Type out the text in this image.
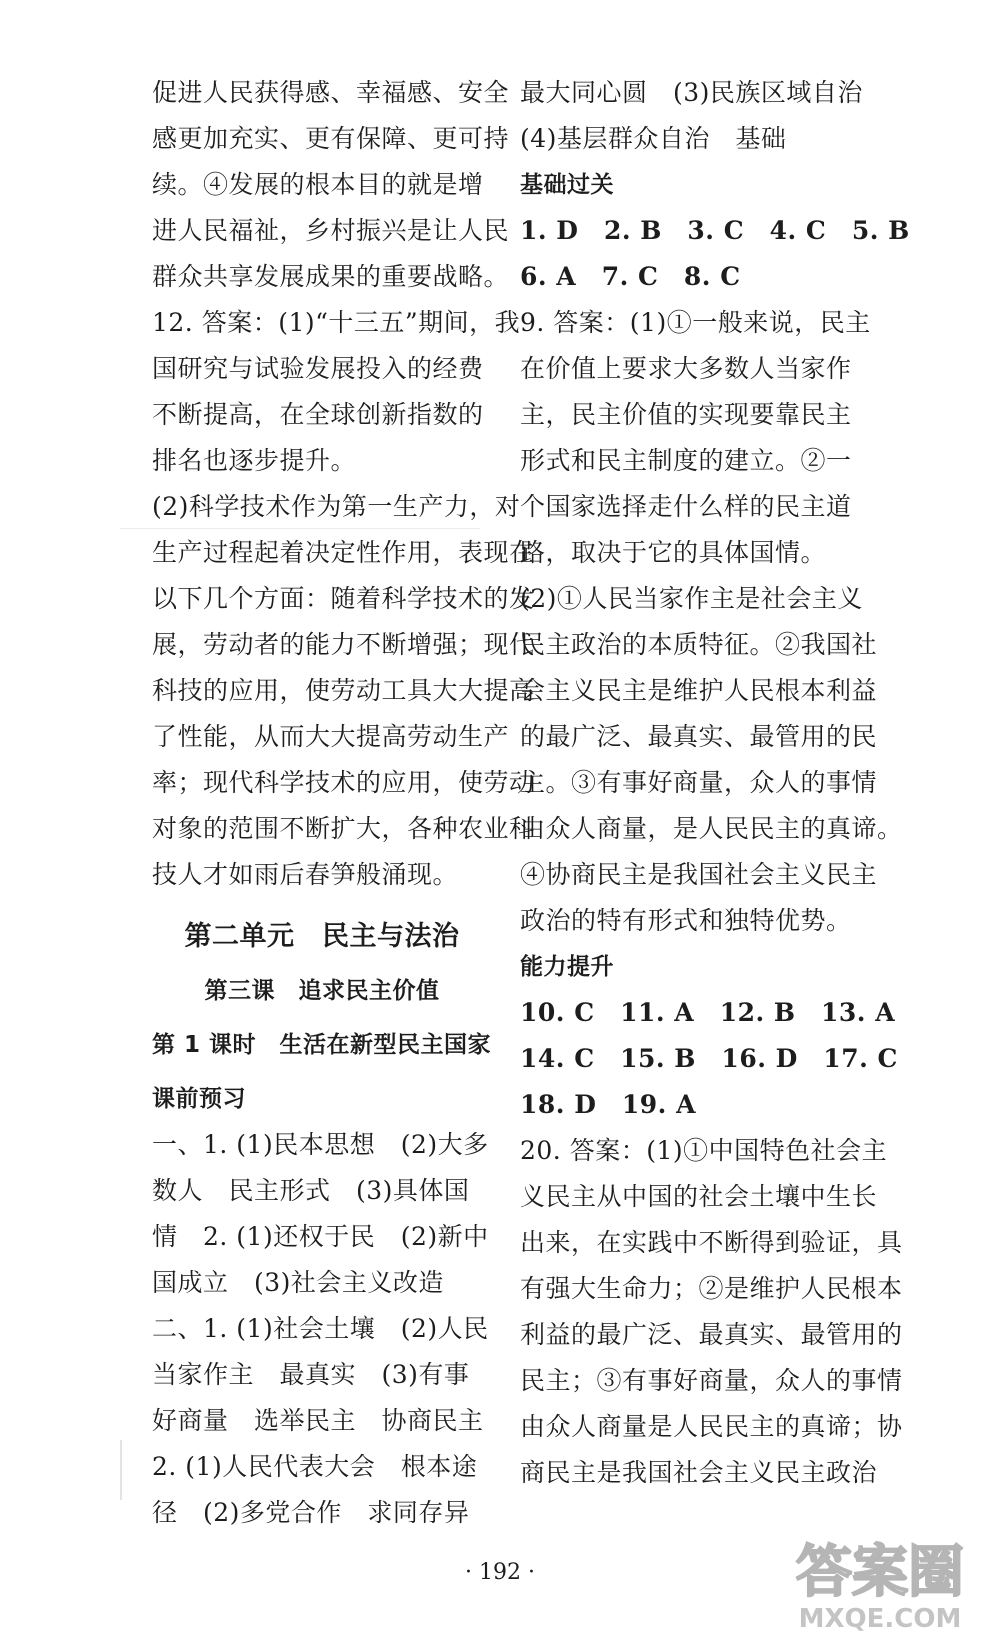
促进人民获得感、幸福感、安全
感更加充实、更有保障、更可持
续。④发展的根本目的就是增
进人民福祉，乡村振兴是让人民
群众共享发展成果的重要战略。
12. 答案：(1)“十三五”期间，我
国研究与试验发展投入的经费
不断提高，在全球创新指数的
排名也逐步提升。
(2)科学技术作为第一生产力，对
生产过程起着决定性作用，表现在
以下几个方面：随着科学技术的发
展，劳动者的能力不断增强；现代
科技的应用，使劳动工具大大提高
了性能，从而大大提高劳动生产
率；现代科学技术的应用，使劳动
对象的范围不断扩大，各种农业科
技人才如雨后春笋般涌现。
第二单元　民主与法治
第三课　追求民主价值
第 1 课时　生活在新型民主国家
课前预习
一、1. (1)民本思想　(2)大多
数人　民主形式　(3)具体国
情　2. (1)还权于民　(2)新中
国成立　(3)社会主义改造
二、1. (1)社会土壤　(2)人民
当家作主　最真实　(3)有事
好商量　选举民主　协商民主
2. (1)人民代表大会　根本途
径　(2)多党合作　求同存异
最大同心圆　(3)民族区域自治
(4)基层群众自治　基础
基础过关
1. D　2. B　3. C　4. C　5. B
6. A　7. C　8. C
9. 答案：(1)①一般来说，民主
在价值上要求大多数人当家作
主，民主价值的实现要靠民主
形式和民主制度的建立。②一
个国家选择走什么样的民主道
路，取决于它的具体国情。
(2)①人民当家作主是社会主义
民主政治的本质特征。②我国社
会主义民主是维护人民根本利益
的最广泛、最真实、最管用的民
主。③有事好商量，众人的事情
由众人商量，是人民民主的真谛。
④协商民主是我国社会主义民主
政治的特有形式和独特优势。
能力提升
10. C　11. A　12. B　13. A
14. C　15. B　16. D　17. C
18. D　19. A
20. 答案：(1)①中国特色社会主
义民主从中国的社会土壤中生长
出来，在实践中不断得到验证，具
有强大生命力；②是维护人民根本
利益的最广泛、最真实、最管用的
民主；③有事好商量，众人的事情
由众人商量是人民民主的真谛；协
商民主是我国社会主义民主政治
· 192 ·	答案圈
MXQE.COM
